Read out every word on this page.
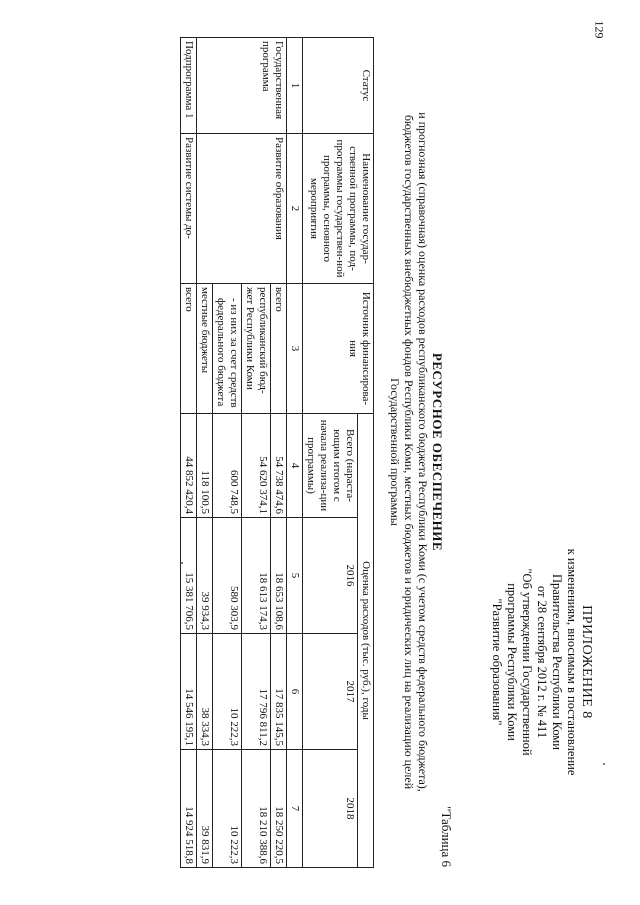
129
ПРИЛОЖЕНИЕ 8
к изменениям, вносимым в постановление
Правительства Республики Коми
от 28 сентября 2012 г. № 411
"Об утверждении Государственной
программы Республики Коми
"Развитие образования"
"Таблица 6
РЕСУРСНОЕ ОБЕСПЕЧЕНИЕ
и прогнозная (справочная) оценка расходов республиканского бюджета Республики Коми (с учетом средств федерального бюджета),
бюджетов государственных внебюджетных фондов Республики Коми, местных бюджетов и юридических лиц на реализацию целей
Государственной программы
Статус	Наименование государ-ственной программы, под-программы государствен-ной программы, основного мероприятия	Источник финансирова-ния	Оценка расходов (тыс. руб.), годы			
			Всего (нараста-ющим итогом с начала реализа-ции программы)	2016	2017	2018
1	2	3	4	5	6	7
Государственная программа	Развитие образования	всего	54 738 474,6	18 653 108,6	17 835 145,5	18 250 220,5
		республиканский бюд-жет Республики Коми	54 620 374,1	18 613 174,3	17 796 811,2	18 210 388,6
		- из них за счет средств федерального бюджета	600 748,5	580 303,9	10 222,3	10 222,3
		местные бюджеты	118 100,5	39 934,3	38 334,3	39 831,9
Подпрограмма 1	Развитие системы до-	всего	44 852 420,4	15 381 706,5	14 546 195,1	14 924 518,8
